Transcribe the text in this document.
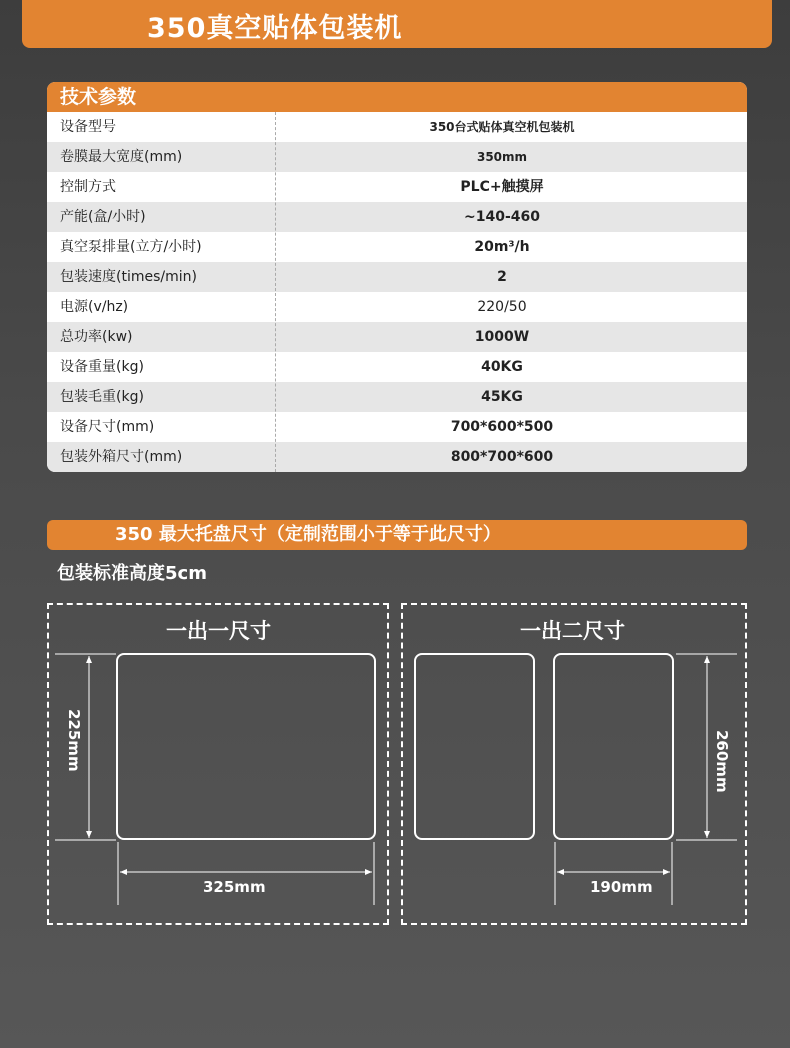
350真空贴体包装机
技术参数
设备型号	350台式贴体真空机包装机
卷膜最大宽度(mm)	350mm
控制方式	PLC+触摸屏
产能(盒/小时)	~140-460
真空泵排量(立方/小时)	20m³/h
包装速度(times/min)	2
电源(v/hz)	220/50
总功率(kw)	1000W
设备重量(kg)	40KG
包装毛重(kg)	45KG
设备尺寸(mm)	700*600*500
包装外箱尺寸(mm)	800*700*600
350 最大托盘尺寸（定制范围小于等于此尺寸）
包装标准高度5cm
一出一尺寸	一出二尺寸
225mm
325mm
260mm
190mm
